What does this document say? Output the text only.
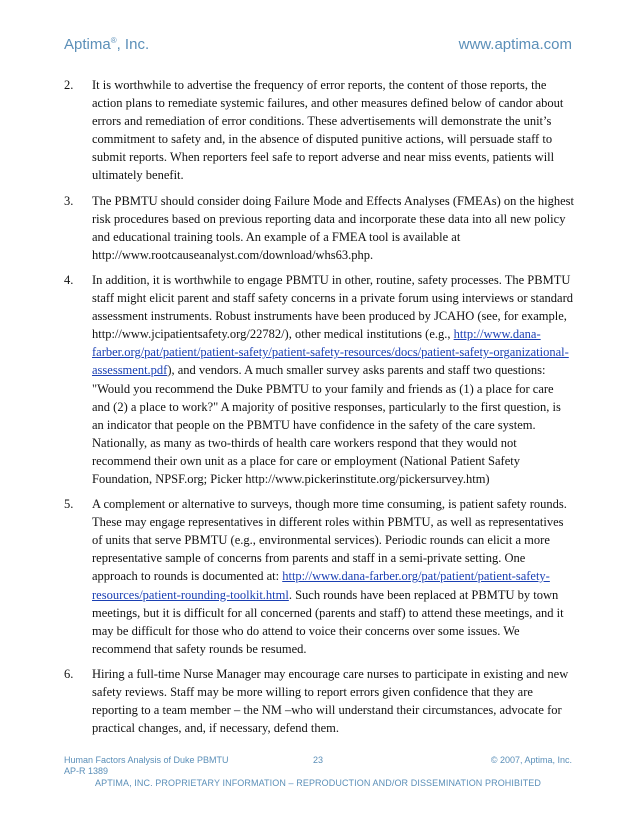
Aptima®, Inc.	www.aptima.com
2. It is worthwhile to advertise the frequency of error reports, the content of those reports, the action plans to remediate systemic failures, and other measures defined below of candor about errors and remediation of error conditions. These advertisements will demonstrate the unit’s commitment to safety and, in the absence of disputed punitive actions, will persuade staff to submit reports. When reporters feel safe to report adverse and near miss events, patients will ultimately benefit.
3. The PBMTU should consider doing Failure Mode and Effects Analyses (FMEAs) on the highest risk procedures based on previous reporting data and incorporate these data into all new policy and educational training tools. An example of a FMEA tool is available at http://www.rootcauseanalyst.com/download/whs63.php.
4. In addition, it is worthwhile to engage PBMTU in other, routine, safety processes. The PBMTU staff might elicit parent and staff safety concerns in a private forum using interviews or standard assessment instruments. Robust instruments have been produced by JCAHO (see, for example, http://www.jcipatientsafety.org/22782/), other medical institutions (e.g., http://www.dana-farber.org/pat/patient/patient-safety/patient-safety-resources/docs/patient-safety-organizational-assessment.pdf), and vendors. A much smaller survey asks parents and staff two questions: "Would you recommend the Duke PBMTU to your family and friends as (1) a place for care and (2) a place to work?" A majority of positive responses, particularly to the first question, is an indicator that people on the PBMTU have confidence in the safety of the care system. Nationally, as many as two-thirds of health care workers respond that they would not recommend their own unit as a place for care or employment (National Patient Safety Foundation, NPSF.org; Picker http://www.pickerinstitute.org/pickersurvey.htm)
5. A complement or alternative to surveys, though more time consuming, is patient safety rounds. These may engage representatives in different roles within PBMTU, as well as representatives of units that serve PBMTU (e.g., environmental services). Periodic rounds can elicit a more representative sample of concerns from parents and staff in a semi-private setting. One approach to rounds is documented at: http://www.dana-farber.org/pat/patient/patient-safety-resources/patient-rounding-toolkit.html. Such rounds have been replaced at PBMTU by town meetings, but it is difficult for all concerned (parents and staff) to attend these meetings, and it may be difficult for those who do attend to voice their concerns over some issues. We recommend that safety rounds be resumed.
6. Hiring a full-time Nurse Manager may encourage care nurses to participate in existing and new safety reviews. Staff may be more willing to report errors given confidence that they are reporting to a team member – the NM –who will understand their circumstances, advocate for practical changes, and, if necessary, defend them.
Human Factors Analysis of Duke PBMTU	23	© 2007, Aptima, Inc.
AP-R 1389
APTIMA, INC. PROPRIETARY INFORMATION – REPRODUCTION AND/OR DISSEMINATION PROHIBITED
